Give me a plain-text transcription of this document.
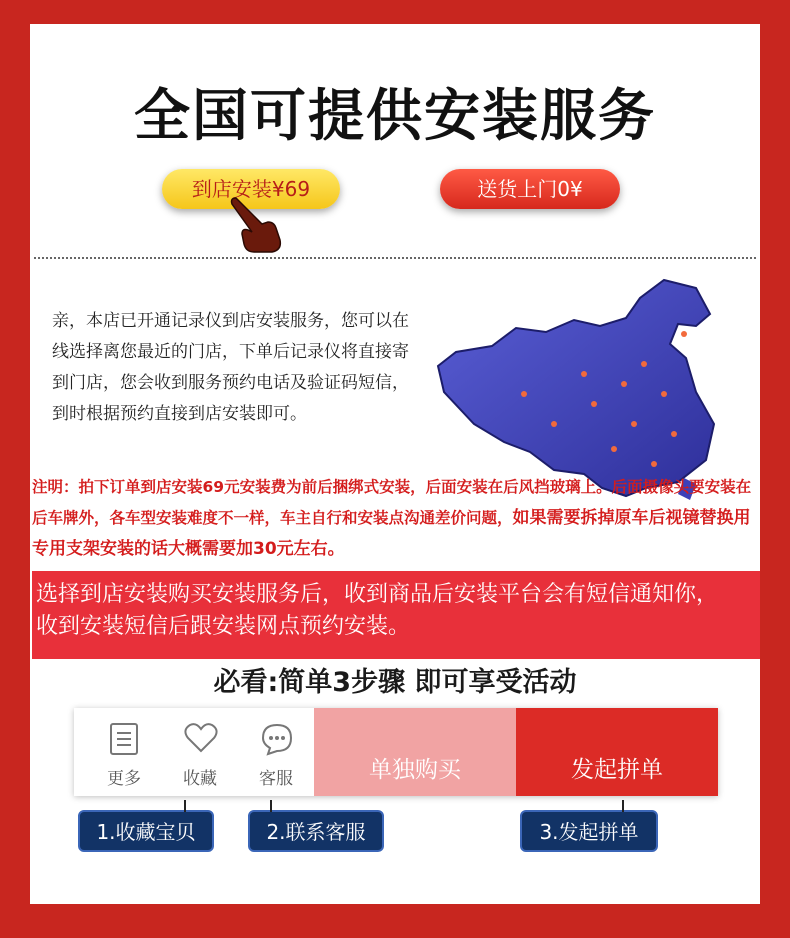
全国可提供安装服务
到店安装¥69	送货上门0¥
亲，本店已开通记录仪到店安装服务，您可以在线选择离您最近的门店，下单后记录仪将直接寄到门店，您会收到服务预约电话及验证码短信，到时根据预约直接到店安装即可。
注明：拍下订单到店安装69元安装费为前后捆绑式安装，后面安装在后风挡玻璃上。后面摄像头要安装在后车牌外，各车型安装难度不一样，车主自行和安装点沟通差价问题，如果需要拆掉原车后视镜替换用专用支架安装的话大概需要加30元左右。
选择到店安装购买安装服务后，收到商品后安装平台会有短信通知你，
收到安装短信后跟安装网点预约安装。
必看:简单3步骤 即可享受活动
更多	收藏	客服	单独购买	发起拼单
1.收藏宝贝	2.联系客服	3.发起拼单
